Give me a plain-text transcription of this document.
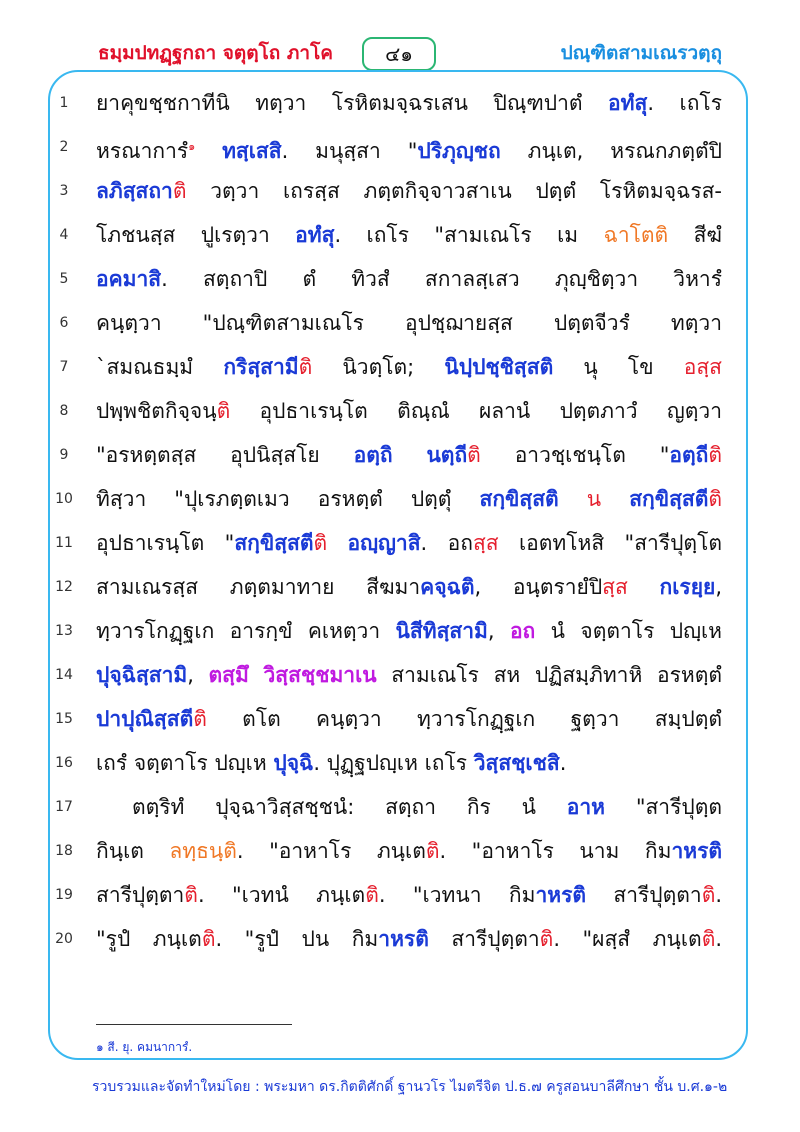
ธมฺมปทฏฺฐกถา จตุตฺโถ ภาโค	๔๑	ปณฺฑิตสามเณรวตฺถุ
1	ยาคุขชฺชกาทีนิ ทตฺวา โรหิตมจฺฉรเสน ปิณฺฑปาตํ อทํสุ. เถโร
2	หรณาการํ$^๑$ ทสฺเสสิ. มนุสฺสา "ปริภุญฺชถ ภนฺเต, หรณกภตฺตํปิ
3	ลภิสฺสถาติ วตฺวา เถรสฺส ภตฺตกิจฺจาวสาเน ปตฺตํ โรหิตมจฺฉรส-
4	โภชนสฺส ปูเรตฺวา อทํสุ. เถโร "สามเณโร เม ฉาโตติ สีฆํ
5	อคมาสิ. สตฺถาปิ ตํ ทิวสํ สกาลสฺเสว ภุญฺชิตฺวา วิหารํ
6	คนฺตฺวา "ปณฺฑิตสามเณโร อุปชฺฌายสฺส ปตฺตจีวรํ ทตฺวา
7	`สมณธมฺมํ กริสฺสามีติ นิวตฺโต; นิปฺปชฺชิสฺสติ นุ โข อสฺส
8	ปพฺพชิตกิจฺจนฺติ อุปธาเรนฺโต ติณฺณํ ผลานํ ปตฺตภาวํ ญตฺวา
9	"อรหตฺตสฺส อุปนิสฺสโย อตฺถิ นตฺถีติ อาวชฺเชนฺโต "อตฺถีติ
10	ทิสฺวา "ปุเรภตฺตเมว อรหตฺตํ ปตฺตุํ สกฺขิสฺสติ น สกฺขิสฺสตีติ
11	อุปธาเรนฺโต "สกฺขิสฺสตีติ อญฺญาสิ. อถสฺส เอตทโหสิ "สารีปุตฺโต
12	สามเณรสฺส ภตฺตมาทาย สีฆมาคจฺฉติ, อนฺตรายํปิสฺส กเรยฺย,
13	ทฺวารโกฏฺฐเก อารกฺขํ คเหตฺวา นิสีทิสฺสามิ, อถ นํ จตฺตาโร ปญฺเห
14	ปุจฺฉิสฺสามิ, ตสฺมึ วิสฺสชฺชมาเน สามเณโร สห ปฏิสมฺภิทาหิ อรหตฺตํ
15	ปาปุณิสฺสตีติ ตโต คนฺตฺวา ทฺวารโกฏฺฐเก ฐตฺวา สมฺปตฺตํ
16	เถรํ จตฺตาโร ปญฺเห ปุจฺฉิ. ปุฏฺฐปญฺเห เถโร วิสฺสชฺเชสิ.
17	ตตฺริทํ ปุจฺฉาวิสฺสชฺชนํ: สตฺถา กิร นํ อาห "สารีปุตฺต
18	กินฺเต ลทฺธนฺติ. "อาหาโร ภนฺเตติ. "อาหาโร นาม กิมาหรติ
19	สารีปุตฺตาติ. "เวทนํ ภนฺเตติ. "เวทนา กิมาหรติ สารีปุตฺตาติ.
20	"รูปํ ภนฺเตติ. "รูปํ ปน กิมาหรติ สารีปุตฺตาติ. "ผสฺสํ ภนฺเตติ.
๑ สี. ยุ. คมนาการํ.
รวบรวมและจัดทำใหม่โดย : พระมหา ดร.กิตติศักดิ์ ฐานวโร ไมตรีจิต ป.ธ.๗ ครูสอนบาลีศึกษา ชั้น บ.ศ.๑-๒
